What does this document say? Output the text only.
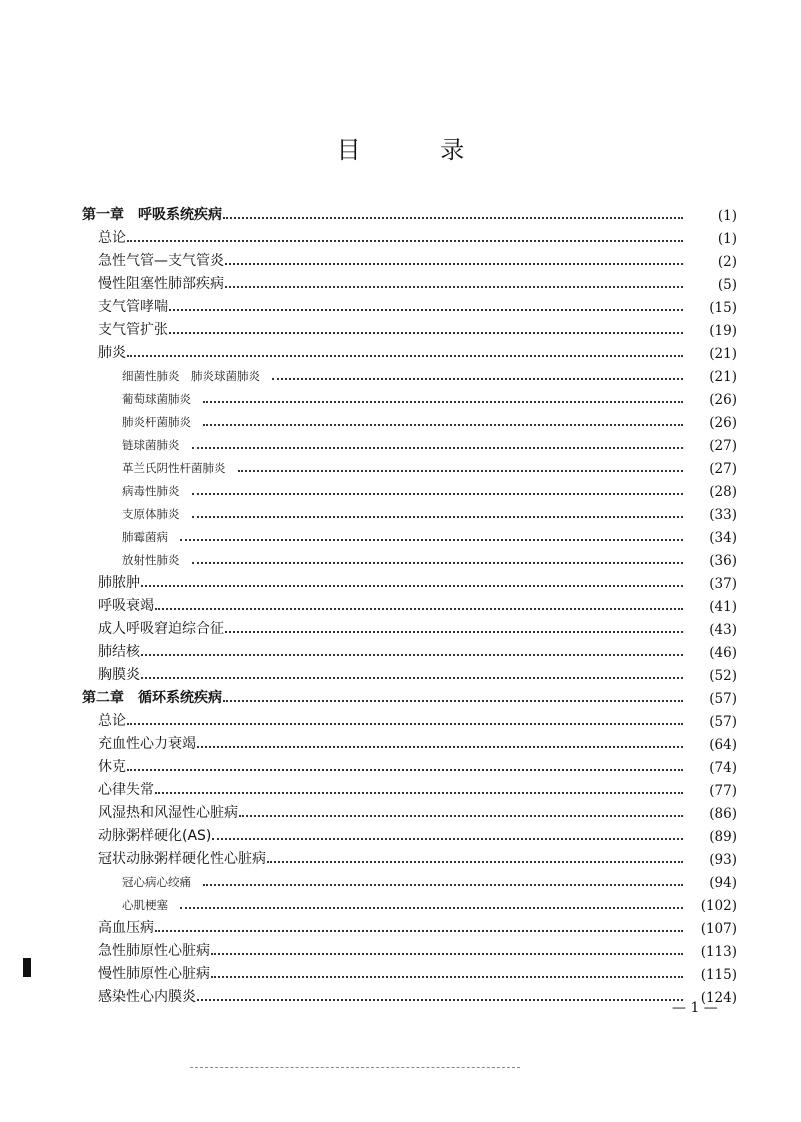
目 录
第一章　呼吸系统疾病	(1)
总论	(1)
急性气管—支气管炎	(2)
慢性阻塞性肺部疾病	(5)
支气管哮喘	(15)
支气管扩张	(19)
肺炎	(21)
细菌性肺炎　肺炎球菌肺炎	(21)
葡萄球菌肺炎	(26)
肺炎杆菌肺炎	(26)
链球菌肺炎	(27)
革兰氏阴性杆菌肺炎	(27)
病毒性肺炎	(28)
支原体肺炎	(33)
肺霉菌病	(34)
放射性肺炎	(36)
肺脓肿	(37)
呼吸衰竭	(41)
成人呼吸窘迫综合征	(43)
肺结核	(46)
胸膜炎	(52)
第二章　循环系统疾病	(57)
总论	(57)
充血性心力衰竭	(64)
休克	(74)
心律失常	(77)
风湿热和风湿性心脏病	(86)
动脉粥样硬化(AS)	(89)
冠状动脉粥样硬化性心脏病	(93)
冠心病心绞痛	(94)
心肌梗塞	(102)
高血压病	(107)
急性肺原性心脏病	(113)
慢性肺原性心脏病	(115)
感染性心内膜炎	(124)
— 1 —
